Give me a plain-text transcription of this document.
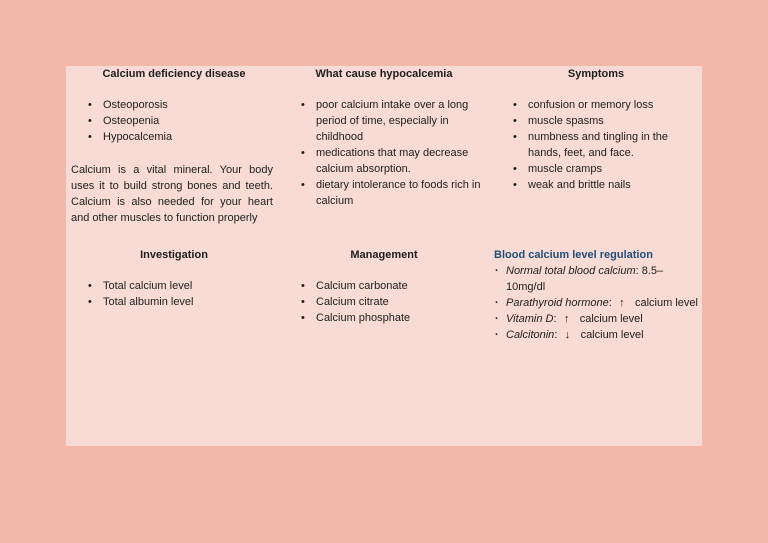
Calcium deficiency disease
• Osteoporosis
• Osteopenia
• Hypocalcemia

Calcium is a vital mineral. Your body uses it to build strong bones and teeth. Calcium is also needed for your heart and other muscles to function properly

What cause hypocalcemia
• poor calcium intake over a long period of time, especially in childhood
• medications that may decrease calcium absorption.
• dietary intolerance to foods rich in calcium
Symptoms
• confusion or memory loss
• muscle spasms
• numbness and tingling in the hands, feet, and face.
• muscle cramps
• weak and brittle nails
Investigation
• Total calcium level
• Total albumin level
Management
• Calcium carbonate
• Calcium citrate
• Calcium phosphate
Blood calcium level regulation
· Normal total blood calcium: 8.5–10mg/dl
· Parathyroid hormone: ↑ calcium level
· Vitamin D: ↑ calcium level
· Calcitonin: ↓ calcium level
